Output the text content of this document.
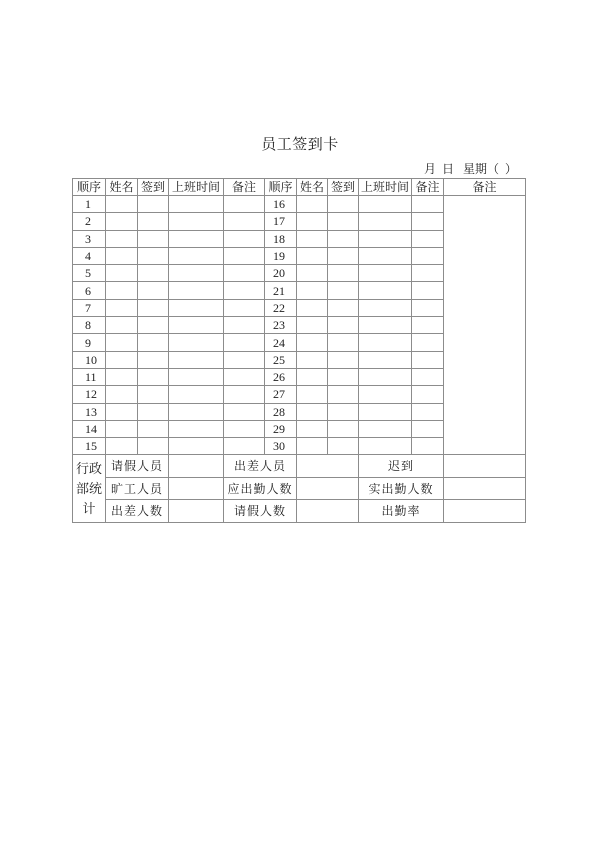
员工签到卡
月  日   星期（  ）
顺序	姓名	签到	上班时间	备注	顺序	姓名	签到	上班时间	备注	备注
1					16					
2					17					
3					18					
4					19					
5					20					
6					21					
7					22					
8					23					
9					24					
10					25					
11					26					
12					27					
13					28					
14					29					
15					30					
行政部统计	请假人员			出差人员				迟到		
	旷工人员			应出勤人数				实出勤人数		
	出差人数			请假人数				出勤率		
